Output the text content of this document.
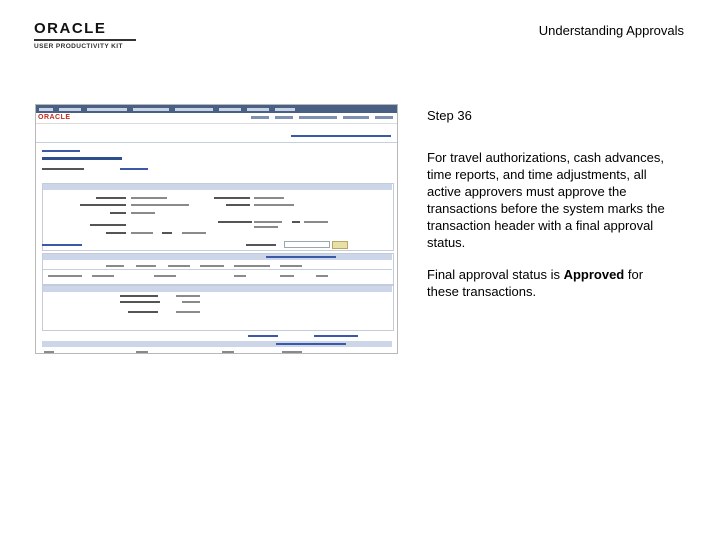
ORACLE
USER PRODUCTIVITY KIT
Understanding Approvals
ORACLE	Step 36

For travel authorizations, cash advances, time reports, and time adjustments, all active approvers must approve the transactions before the system marks the transaction header with a final approval status.

Final approval status is Approved for these transactions.
